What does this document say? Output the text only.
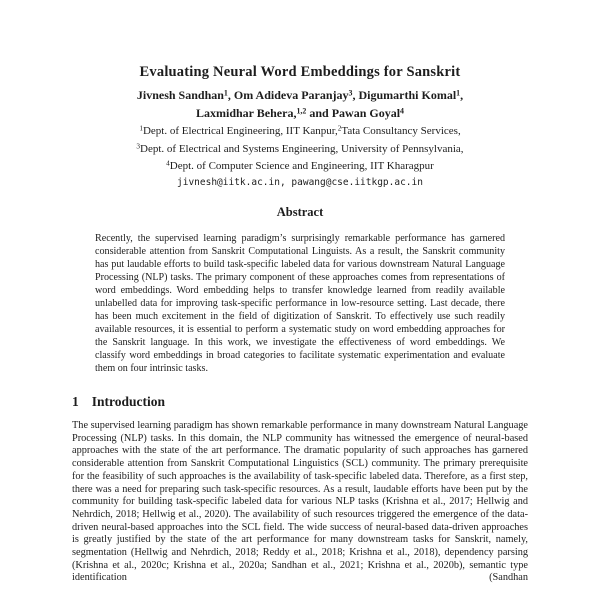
Evaluating Neural Word Embeddings for Sanskrit
Jivnesh Sandhan$^1$, Om Adideva Paranjay$^3$, Digumarthi Komal$^1$,
Laxmidhar Behera,$^{1,2}$ and Pawan Goyal$^4$
$^1$Dept. of Electrical Engineering, IIT Kanpur,$^2$Tata Consultancy Services,
$^3$Dept. of Electrical and Systems Engineering, University of Pennsylvania,
$^4$Dept. of Computer Science and Engineering, IIT Kharagpur
jivnesh@iitk.ac.in, pawang@cse.iitkgp.ac.in
Abstract
Recently, the supervised learning paradigm’s surprisingly remarkable performance has garnered considerable attention from Sanskrit Computational Linguists. As a result, the Sanskrit community has put laudable efforts to build task-specific labeled data for various downstream Natural Language Processing (NLP) tasks. The primary component of these approaches comes from representations of word embeddings. Word embedding helps to transfer knowledge learned from readily available unlabelled data for improving task-specific performance in low-resource setting. Last decade, there has been much excitement in the field of digitization of Sanskrit. To effectively use such readily available resources, it is essential to perform a systematic study on word embedding approaches for the Sanskrit language. In this work, we investigate the effectiveness of word embeddings. We classify word embeddings in broad categories to facilitate systematic experimentation and evaluate them on four intrinsic tasks.
1 Introduction
The supervised learning paradigm has shown remarkable performance in many downstream Natural Language Processing (NLP) tasks. In this domain, the NLP community has witnessed the emergence of neural-based approaches with the state of the art performance. The dramatic popularity of such approaches has garnered considerable attention from Sanskrit Computational Linguistics (SCL) community. The primary prerequisite for the feasibility of such approaches is the availability of task-specific labeled data. Therefore, as a first step, there was a need for preparing such task-specific resources. As a result, laudable efforts have been put by the community for building task-specific labeled data for various NLP tasks (Krishna et al., 2017; Hellwig and Nehrdich, 2018; Hellwig et al., 2020). The availability of such resources triggered the emergence of the data-driven neural-based approaches into the SCL field. The wide success of neural-based data-driven approaches is greatly justified by the state of the art performance for many downstream tasks for Sanskrit, namely, segmentation (Hellwig and Nehrdich, 2018; Reddy et al., 2018; Krishna et al., 2018), dependency parsing (Krishna et al., 2020c; Krishna et al., 2020a; Sandhan et al., 2021; Krishna et al., 2020b), semantic type identification (Sandhan
